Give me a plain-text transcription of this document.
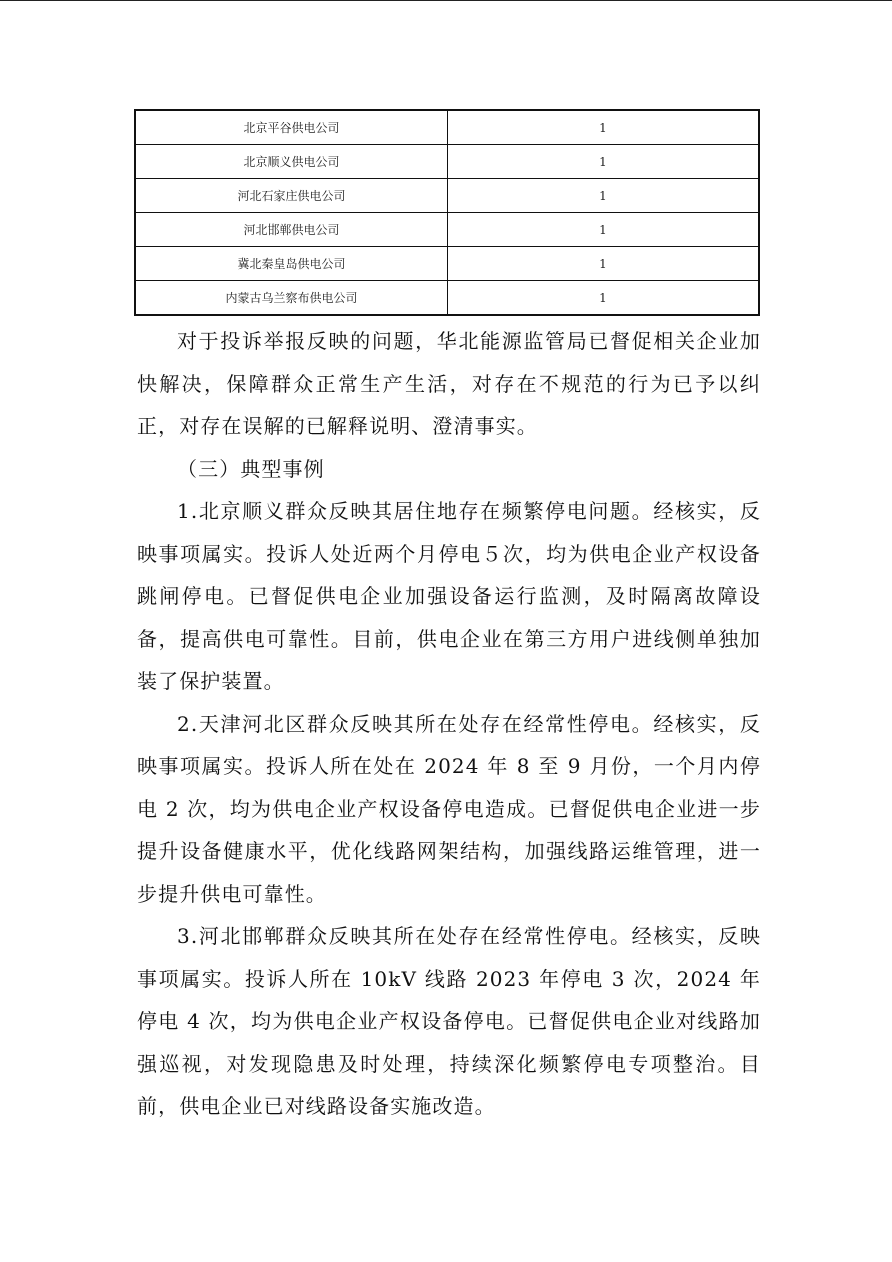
北京平谷供电公司	1
北京顺义供电公司	1
河北石家庄供电公司	1
河北邯郸供电公司	1
冀北秦皇岛供电公司	1
内蒙古乌兰察布供电公司	1

对于投诉举报反映的问题，华北能源监管局已督促相关企业加快解决，保障群众正常生产生活，对存在不规范的行为已予以纠正，对存在误解的已解释说明、澄清事实。

（三）典型事例

1.北京顺义群众反映其居住地存在频繁停电问题。经核实，反映事项属实。投诉人处近两个月停电５次，均为供电企业产权设备跳闸停电。已督促供电企业加强设备运行监测，及时隔离故障设备，提高供电可靠性。目前，供电企业在第三方用户进线侧单独加装了保护装置。

2.天津河北区群众反映其所在处存在经常性停电。经核实，反映事项属实。投诉人所在处在 2024 年 8 至 9 月份，一个月内停电 2 次，均为供电企业产权设备停电造成。已督促供电企业进一步提升设备健康水平，优化线路网架结构，加强线路运维管理，进一步提升供电可靠性。

3.河北邯郸群众反映其所在处存在经常性停电。经核实，反映事项属实。投诉人所在 10kV 线路 2023 年停电 3 次，2024 年停电 4 次，均为供电企业产权设备停电。已督促供电企业对线路加强巡视，对发现隐患及时处理，持续深化频繁停电专项整治。目前，供电企业已对线路设备实施改造。
